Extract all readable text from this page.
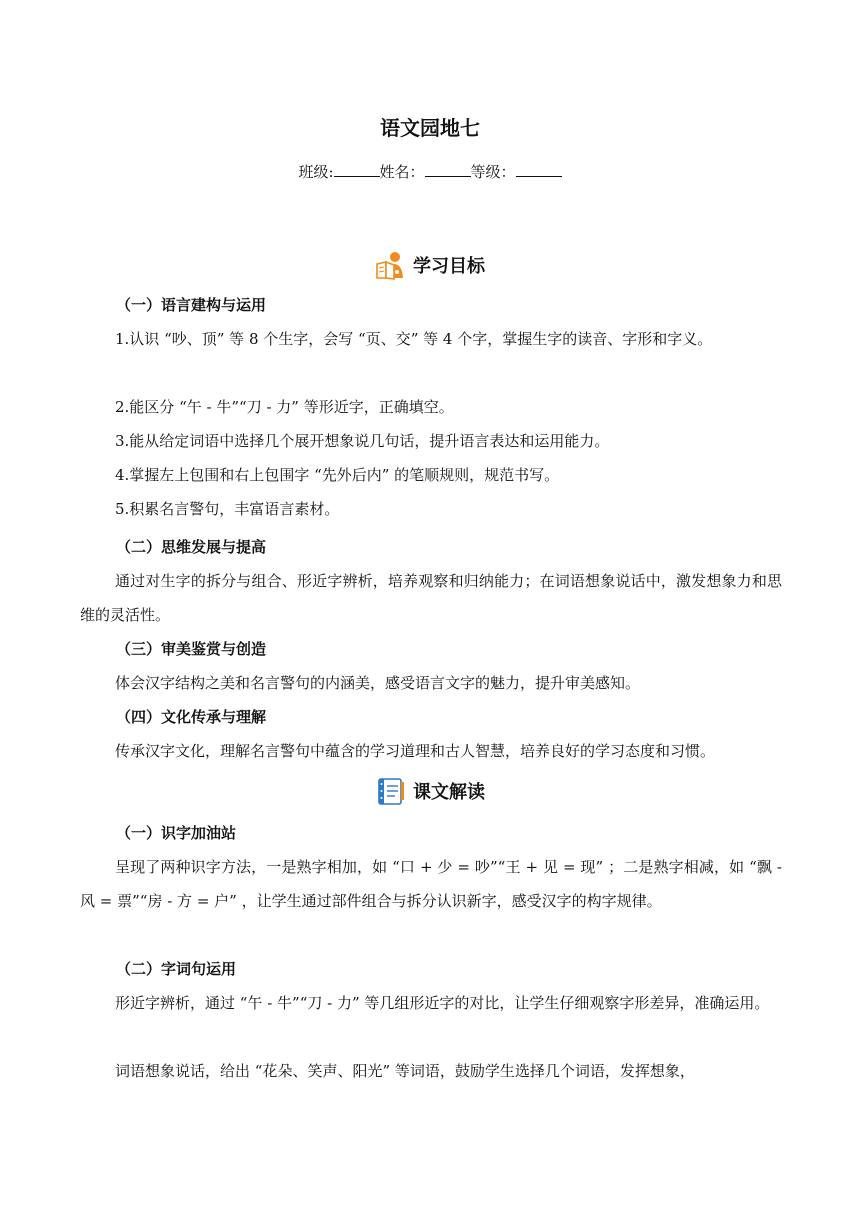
语文园地七
班级:	姓名：	等级：
学习目标
（一）语言建构与运用
1.认识 “吵、顶” 等 8 个生字，会写 “页、交” 等 4 个字，掌握生字的读音、字形和字义。
2.能区分 “午 - 牛”“刀 - 力” 等形近字，正确填空。
3.能从给定词语中选择几个展开想象说几句话，提升语言表达和运用能力。
4.掌握左上包围和右上包围字 “先外后内” 的笔顺规则，规范书写。
5.积累名言警句，丰富语言素材。
（二）思维发展与提高
通过对生字的拆分与组合、形近字辨析，培养观察和归纳能力；在词语想象说话中，激发想象力和思维的灵活性。
（三）审美鉴赏与创造
体会汉字结构之美和名言警句的内涵美，感受语言文字的魅力，提升审美感知。
（四）文化传承与理解
传承汉字文化，理解名言警句中蕴含的学习道理和古人智慧，培养良好的学习态度和习惯。
课文解读
（一）识字加油站
呈现了两种识字方法，一是熟字相加，如 “口 + 少 = 吵”“王 + 见 = 现” ；二是熟字相减，如 “飘 - 风 = 票”“房 - 方 = 户” ，让学生通过部件组合与拆分认识新字，感受汉字的构字规律。
（二）字词句运用
形近字辨析，通过 “午 - 牛”“刀 - 力” 等几组形近字的对比，让学生仔细观察字形差异，准确运用。
词语想象说话，给出 “花朵、笑声、阳光” 等词语，鼓励学生选择几个词语，发挥想象，
